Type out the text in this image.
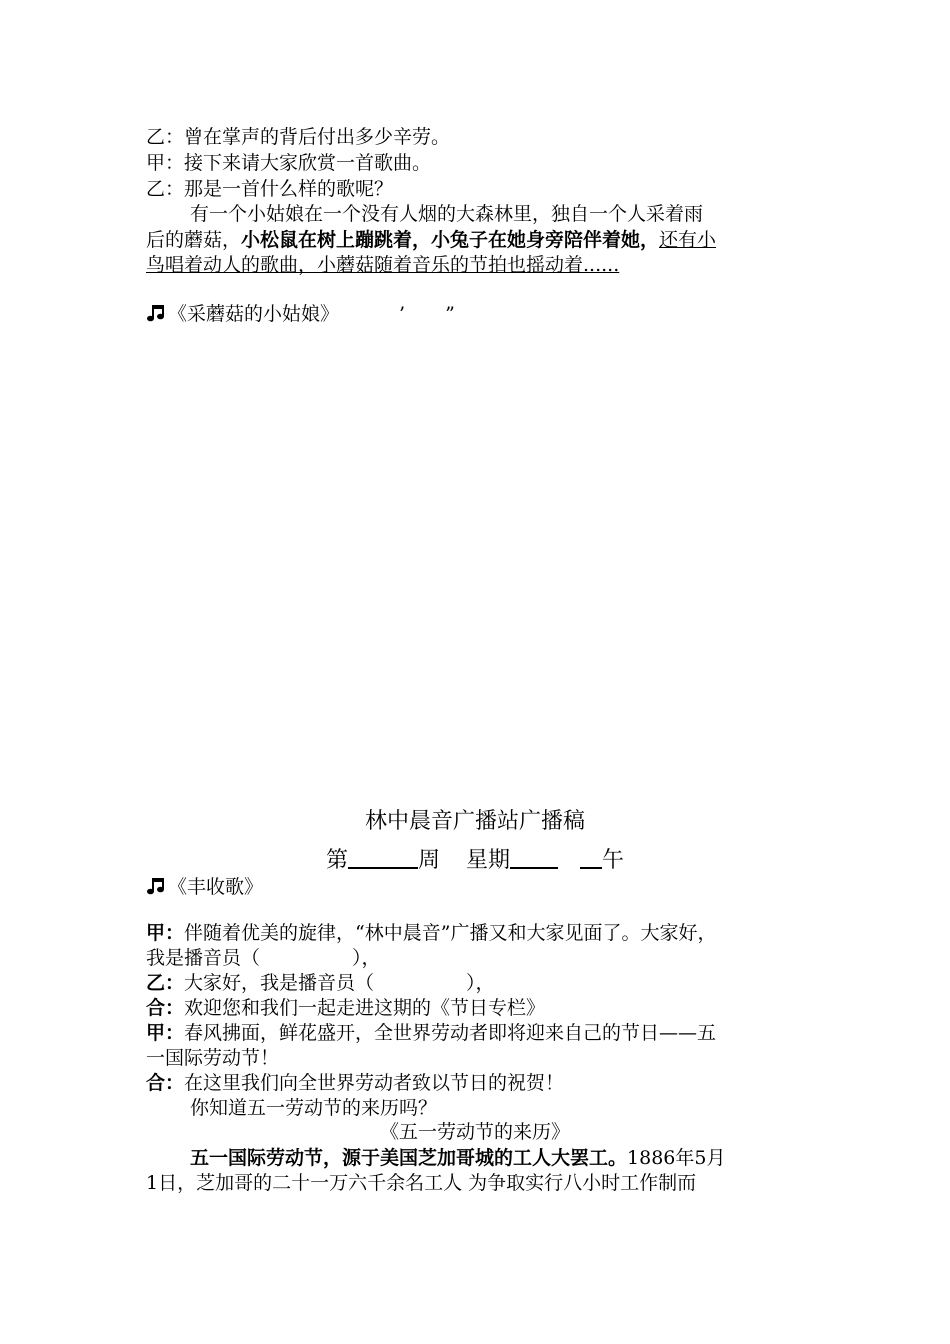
乙：曾在掌声的背后付出多少辛劳。
甲：接下来请大家欣赏一首歌曲。
乙：那是一首什么样的歌呢？
有一个小姑娘在一个没有人烟的大森林里，独自一个人采着雨
后的蘑菇，小松鼠在树上蹦跳着，小兔子在她身旁陪伴着她，还有小
鸟唱着动人的歌曲，小蘑菇随着音乐的节拍也摇动着......
《采蘑菇的小姑娘》	’ ”
林中晨音广播站广播稿
第	周 星期	午
《丰收歌》
甲：伴随着优美的旋律，“林中晨音”广播又和大家见面了。大家好，
我是播音员（	），
乙：大家好，我是播音员（	），
合：欢迎您和我们一起走进这期的《节日专栏》
甲：春风拂面，鲜花盛开，全世界劳动者即将迎来自己的节日——五
一国际劳动节！
合：在这里我们向全世界劳动者致以节日的祝贺！
你知道五一劳动节的来历吗？
《五一劳动节的来历》
五一国际劳动节，源于美国芝加哥城的工人大罢工。1886年5月
1日，芝加哥的二十一万六千余名工人 为争取实行八小时工作制而
